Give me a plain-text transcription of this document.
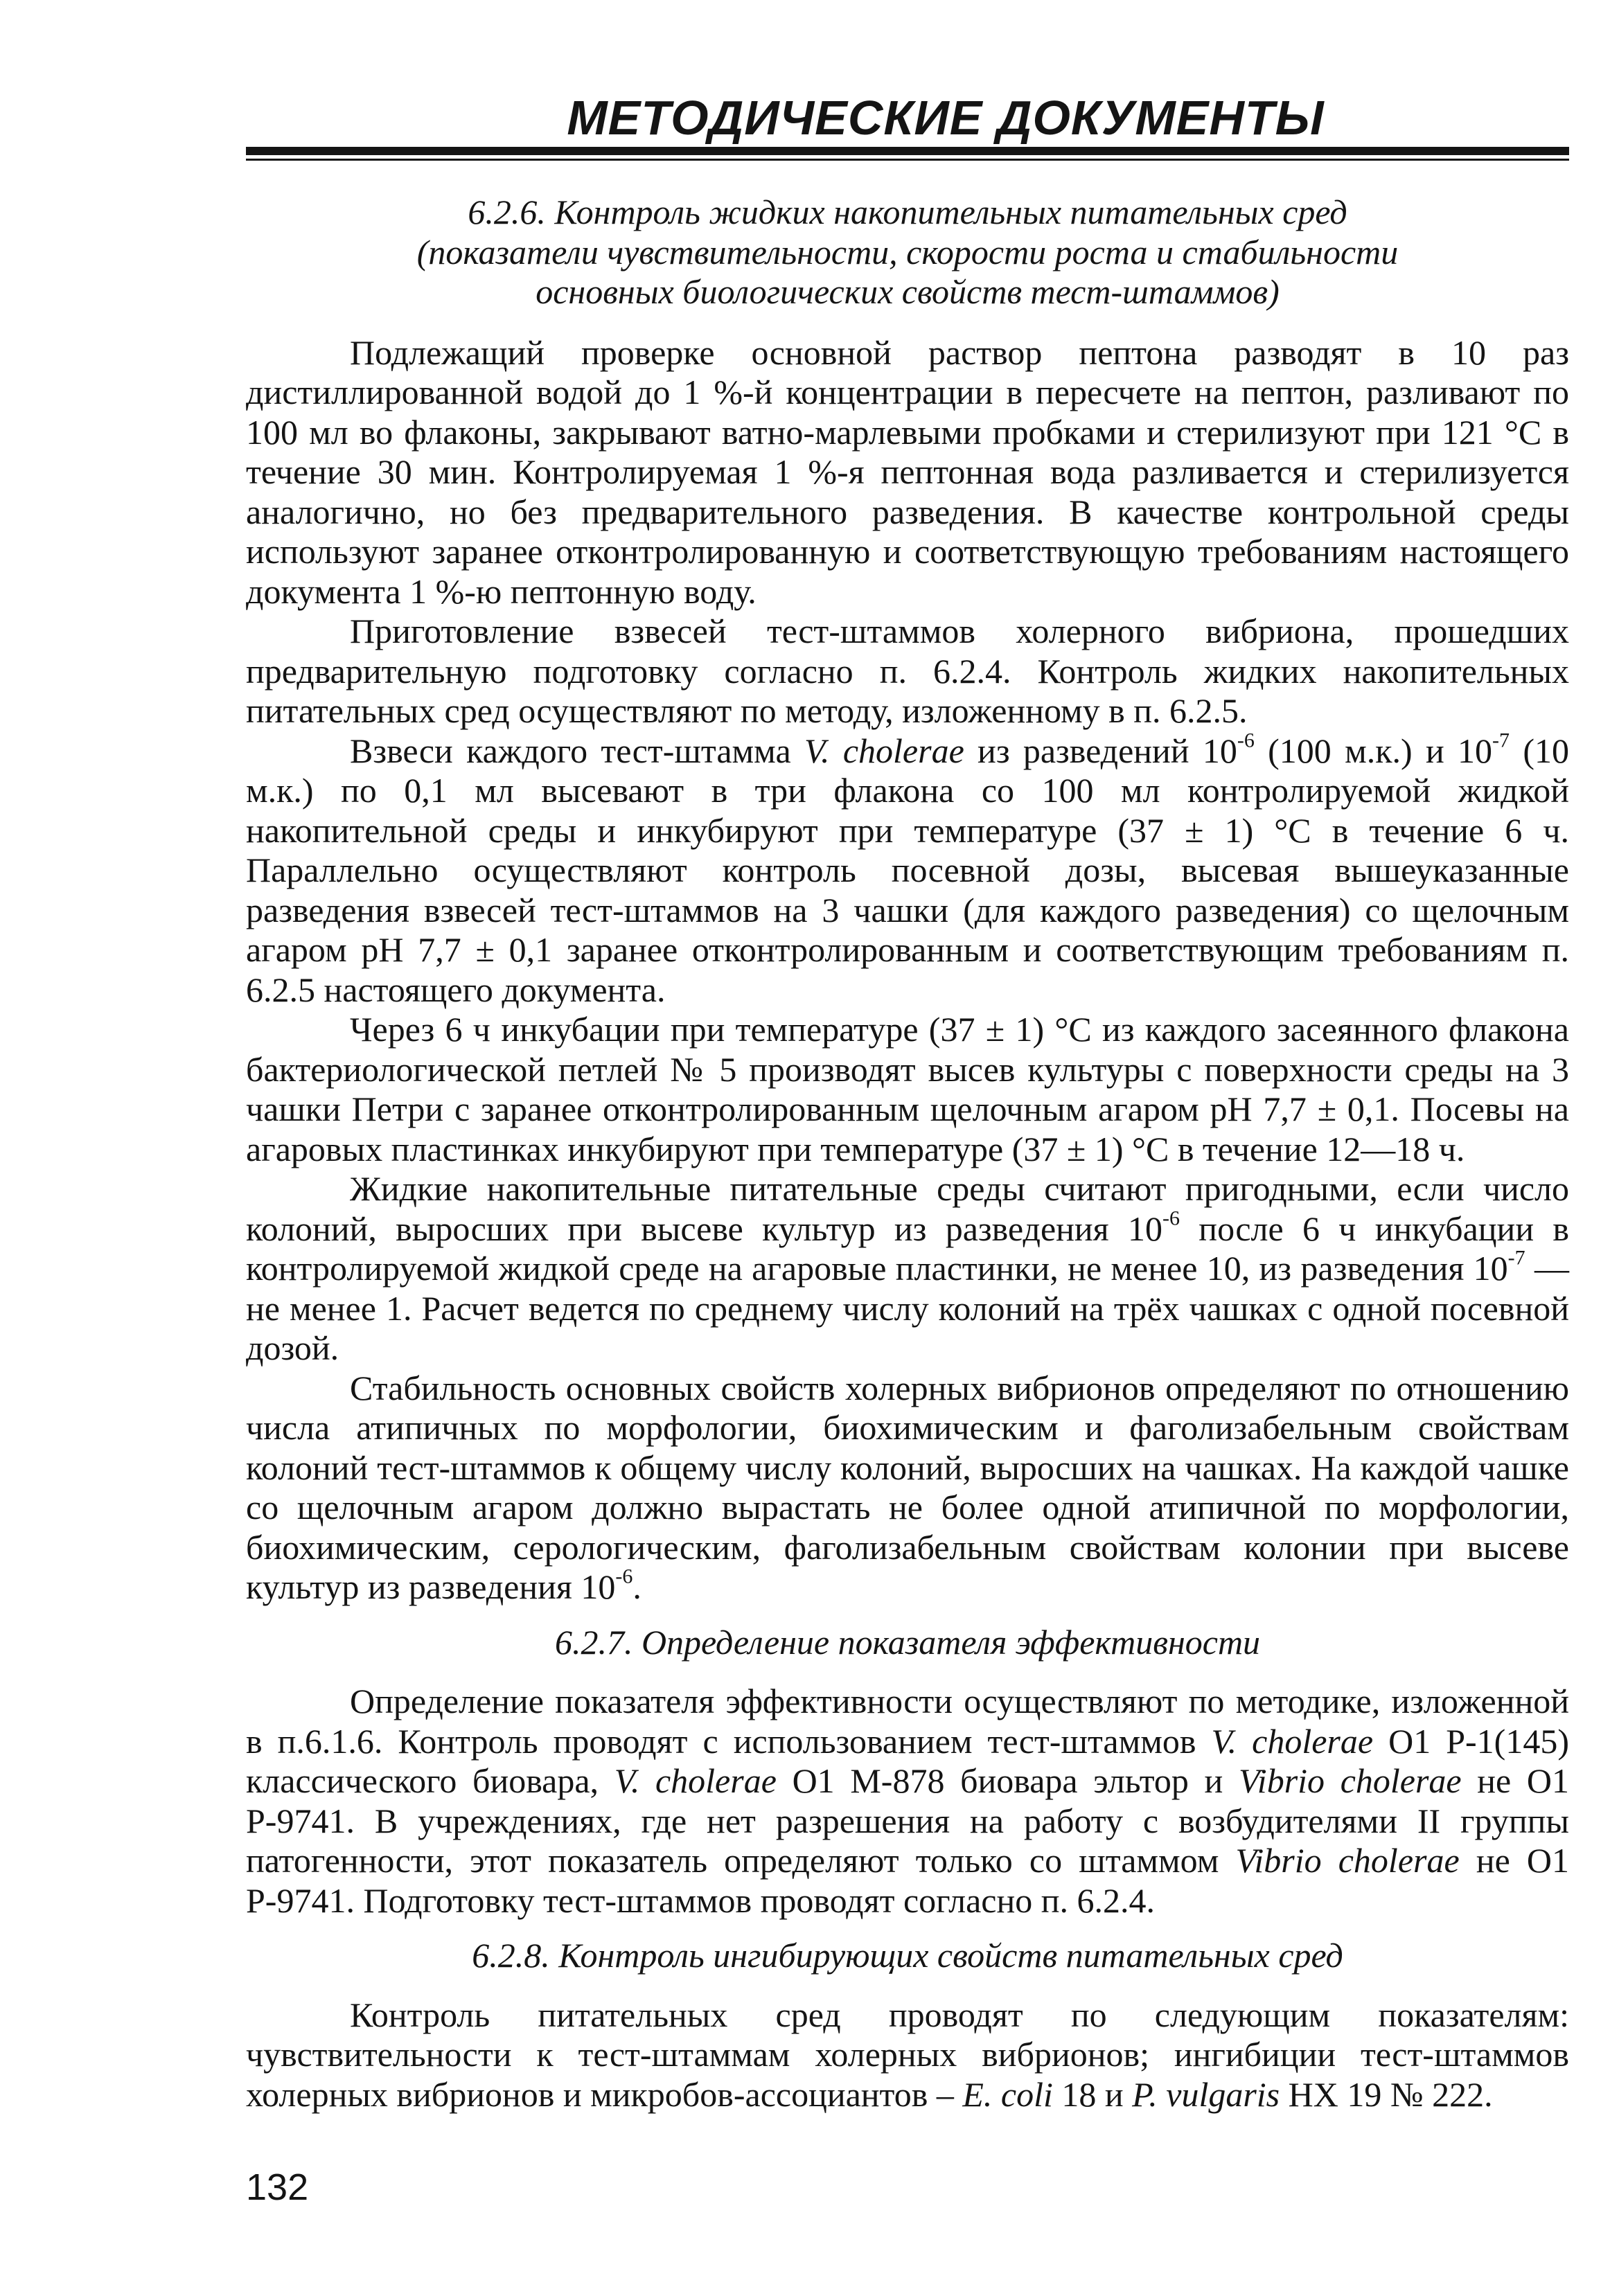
МЕТОДИЧЕСКИЕ ДОКУМЕНТЫ

6.2.6. Контроль жидких накопительных питательных сред
(показатели чувствительности, скорости роста и стабильности
основных биологических свойств тест-штаммов)

Подлежащий проверке основной раствор пептона разводят в 10 раз дистиллированной водой до 1 %-й концентрации в пересчете на пептон, разливают по 100 мл во флаконы, закрывают ватно-марлевыми пробками и стерилизуют при 121 °С в течение 30 мин. Контролируемая 1 %-я пептонная вода разливается и стерилизуется аналогично, но без предварительного разведения. В качестве контрольной среды используют заранее отконтролированную и соответствующую требованиям настоящего документа 1 %-ю пептонную воду.

Приготовление взвесей тест-штаммов холерного вибриона, прошедших предварительную подготовку согласно п. 6.2.4. Контроль жидких накопительных питательных сред осуществляют по методу, изложенному в п. 6.2.5.

Взвеси каждого тест-штамма V. cholerae из разведений $10^{-6}$ (100 м.к.) и $10^{-7}$ (10 м.к.) по 0,1 мл высевают в три флакона со 100 мл контролируемой жидкой накопительной среды и инкубируют при температуре (37 ± 1) °С в течение 6 ч. Параллельно осуществляют контроль посевной дозы, высевая вышеуказанные разведения взвесей тест-штаммов на 3 чашки (для каждого разведения) со щелочным агаром рН 7,7 ± 0,1 заранее отконтролированным и соответствующим требованиям п. 6.2.5 настоящего документа.

Через 6 ч инкубации при температуре (37 ± 1) °С из каждого засеянного флакона бактериологической петлей № 5 производят высев культуры с поверхности среды на 3 чашки Петри с заранее отконтролированным щелочным агаром рН 7,7 ± 0,1. Посевы на агаровых пластинках инкубируют при температуре (37 ± 1) °С в течение 12—18 ч.

Жидкие накопительные питательные среды считают пригодными, если число колоний, выросших при высеве культур из разведения $10^{-6}$ после 6 ч инкубации в контролируемой жидкой среде на агаровые пластинки, не менее 10, из разведения $10^{-7}$ — не менее 1. Расчет ведется по среднему числу колоний на трёх чашках с одной посевной дозой.

Стабильность основных свойств холерных вибрионов определяют по отношению числа атипичных по морфологии, биохимическим и фаголизабельным свойствам колоний тест-штаммов к общему числу колоний, выросших на чашках. На каждой чашке со щелочным агаром должно вырастать не более одной атипичной по морфологии, биохимическим, серологическим, фаголизабельным свойствам колонии при высеве культур из разведения $10^{-6}$.

6.2.7. Определение показателя эффективности

Определение показателя эффективности осуществляют по методике, изложенной в п.6.1.6. Контроль проводят с использованием тест-штаммов V. cholerae O1 Р-1(145) классического биовара, V. cholerae O1 M-878 биовара эльтор и Vibrio cholerae не O1 Р-9741. В учреждениях, где нет разрешения на работу с возбудителями II группы патогенности, этот показатель определяют только со штаммом Vibrio cholerae не O1 Р-9741. Подготовку тест-штаммов проводят согласно п. 6.2.4.

6.2.8. Контроль ингибирующих свойств питательных сред

Контроль питательных сред проводят по следующим показателям: чувствительности к тест-штаммам холерных вибрионов; ингибиции тест-штаммов холерных вибрионов и микробов-ассоциантов – E. coli 18 и P. vulgaris HX 19 № 222.

132
